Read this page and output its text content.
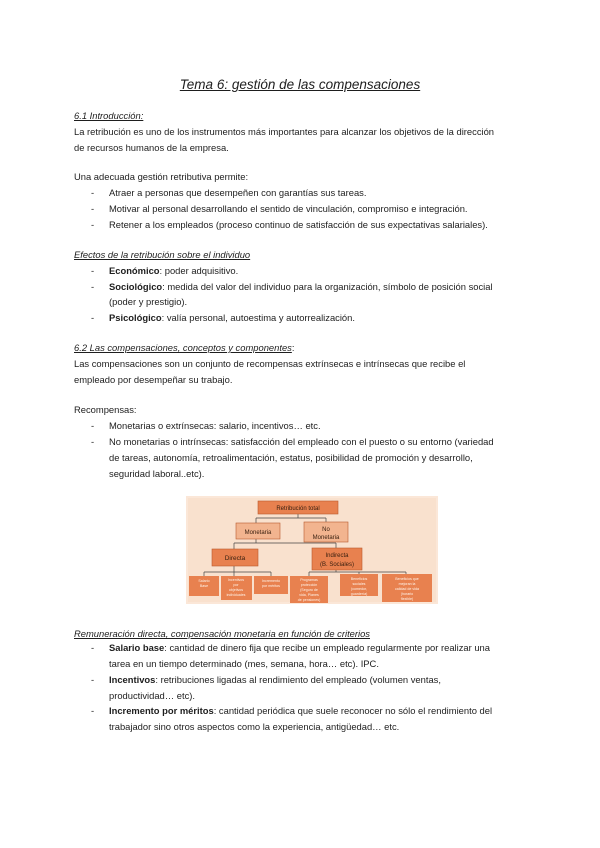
Tema 6: gestión de las compensaciones
6.1 Introducción:
La retribución es uno de los instrumentos más importantes para alcanzar los objetivos de la dirección
de recursos humanos de la empresa.
Una adecuada gestión retributiva permite:
- Atraer a personas que desempeñen con garantías sus tareas.
- Motivar al personal desarrollando el sentido de vinculación, compromiso e integración.
- Retener a los empleados (proceso continuo de satisfacción de sus expectativas salariales).
Efectos de la retribución sobre el individuo
- Económico: poder adquisitivo.
- Sociológico: medida del valor del individuo para la organización, símbolo de posición social
(poder y prestigio).
- Psicológico: valía personal, autoestima y autorrealización.
6.2 Las compensaciones, conceptos y componentes:
Las compensaciones son un conjunto de recompensas extrínsecas e intrínsecas que recibe el
empleado por desempeñar su trabajo.
Recompensas:
- Monetarias o extrínsecas: salario, incentivos… etc.
- No monetarias o intrínsecas: satisfacción del empleado con el puesto o su entorno (variedad
de tareas, autonomía, retroalimentación, estatus, posibilidad de promoción y desarrollo,
seguridad laboral..etc).
Retribución total
Monetaria	No
Monetaria
Directa	Indirecta
(B. Sociales)
Salario
Base
Incentivos
por
objetivos
individuales
Incremento
por méritos
Programas
protección
(Seguro de
vida, Planes
de pensiones)
Beneficios
sociales
(comedor,
guardería)
Beneficios que
mejoran la
calidad de vida
(horario
flexible)
Remuneración directa, compensación monetaria en función de criterios
- Salario base: cantidad de dinero fija que recibe un empleado regularmente por realizar una
tarea en un tiempo determinado (mes, semana, hora… etc). IPC.
- Incentivos: retribuciones ligadas al rendimiento del empleado (volumen ventas,
productividad… etc).
- Incremento por méritos: cantidad periódica que suele reconocer no sólo el rendimiento del
trabajador sino otros aspectos como la experiencia, antigüedad… etc.
